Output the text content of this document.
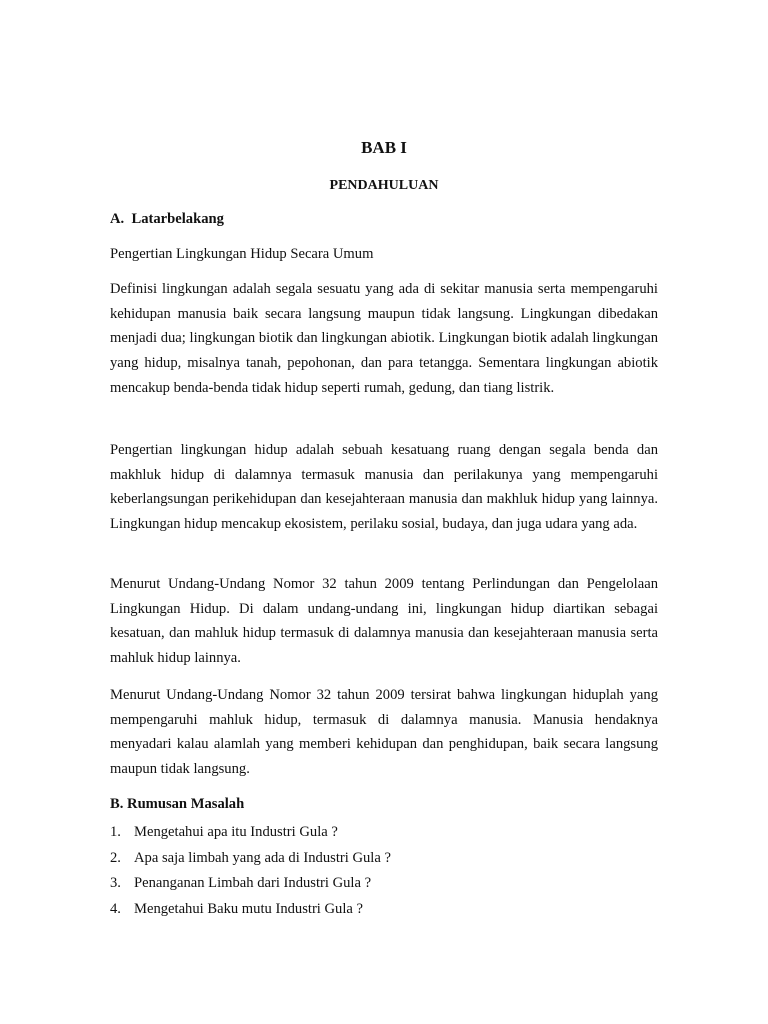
BAB I
PENDAHULUAN
A.  Latarbelakang
Pengertian Lingkungan Hidup Secara Umum

Definisi lingkungan adalah segala sesuatu yang ada di sekitar manusia serta mempengaruhi kehidupan manusia baik secara langsung maupun tidak langsung. Lingkungan dibedakan menjadi dua; lingkungan biotik dan lingkungan abiotik. Lingkungan biotik adalah lingkungan yang hidup, misalnya tanah, pepohonan, dan para tetangga. Sementara lingkungan abiotik mencakup benda-benda tidak hidup seperti rumah, gedung, dan tiang listrik.

Pengertian lingkungan hidup adalah sebuah kesatuang ruang dengan segala benda dan makhluk hidup di dalamnya termasuk manusia dan perilakunya yang mempengaruhi keberlangsungan perikehidupan dan kesejahteraan manusia dan makhluk hidup yang lainnya. Lingkungan hidup mencakup ekosistem, perilaku sosial, budaya, dan juga udara yang ada.

Menurut Undang-Undang Nomor 32 tahun 2009 tentang Perlindungan dan Pengelolaan Lingkungan Hidup. Di dalam undang-undang ini, lingkungan hidup diartikan sebagai kesatuan, dan mahluk hidup termasuk di dalamnya manusia dan kesejahteraan manusia serta mahluk hidup lainnya.

Menurut Undang-Undang Nomor 32 tahun 2009 tersirat bahwa lingkungan hiduplah yang mempengaruhi mahluk hidup, termasuk di dalamnya manusia. Manusia hendaknya menyadari kalau alamlah yang memberi kehidupan dan penghidupan, baik secara langsung maupun tidak langsung.

B. Rumusan Masalah
1. Mengetahui apa itu Industri Gula ?
2. Apa saja limbah yang ada di Industri Gula ?
3. Penanganan Limbah dari Industri Gula ?
4. Mengetahui Baku mutu Industri Gula ?
